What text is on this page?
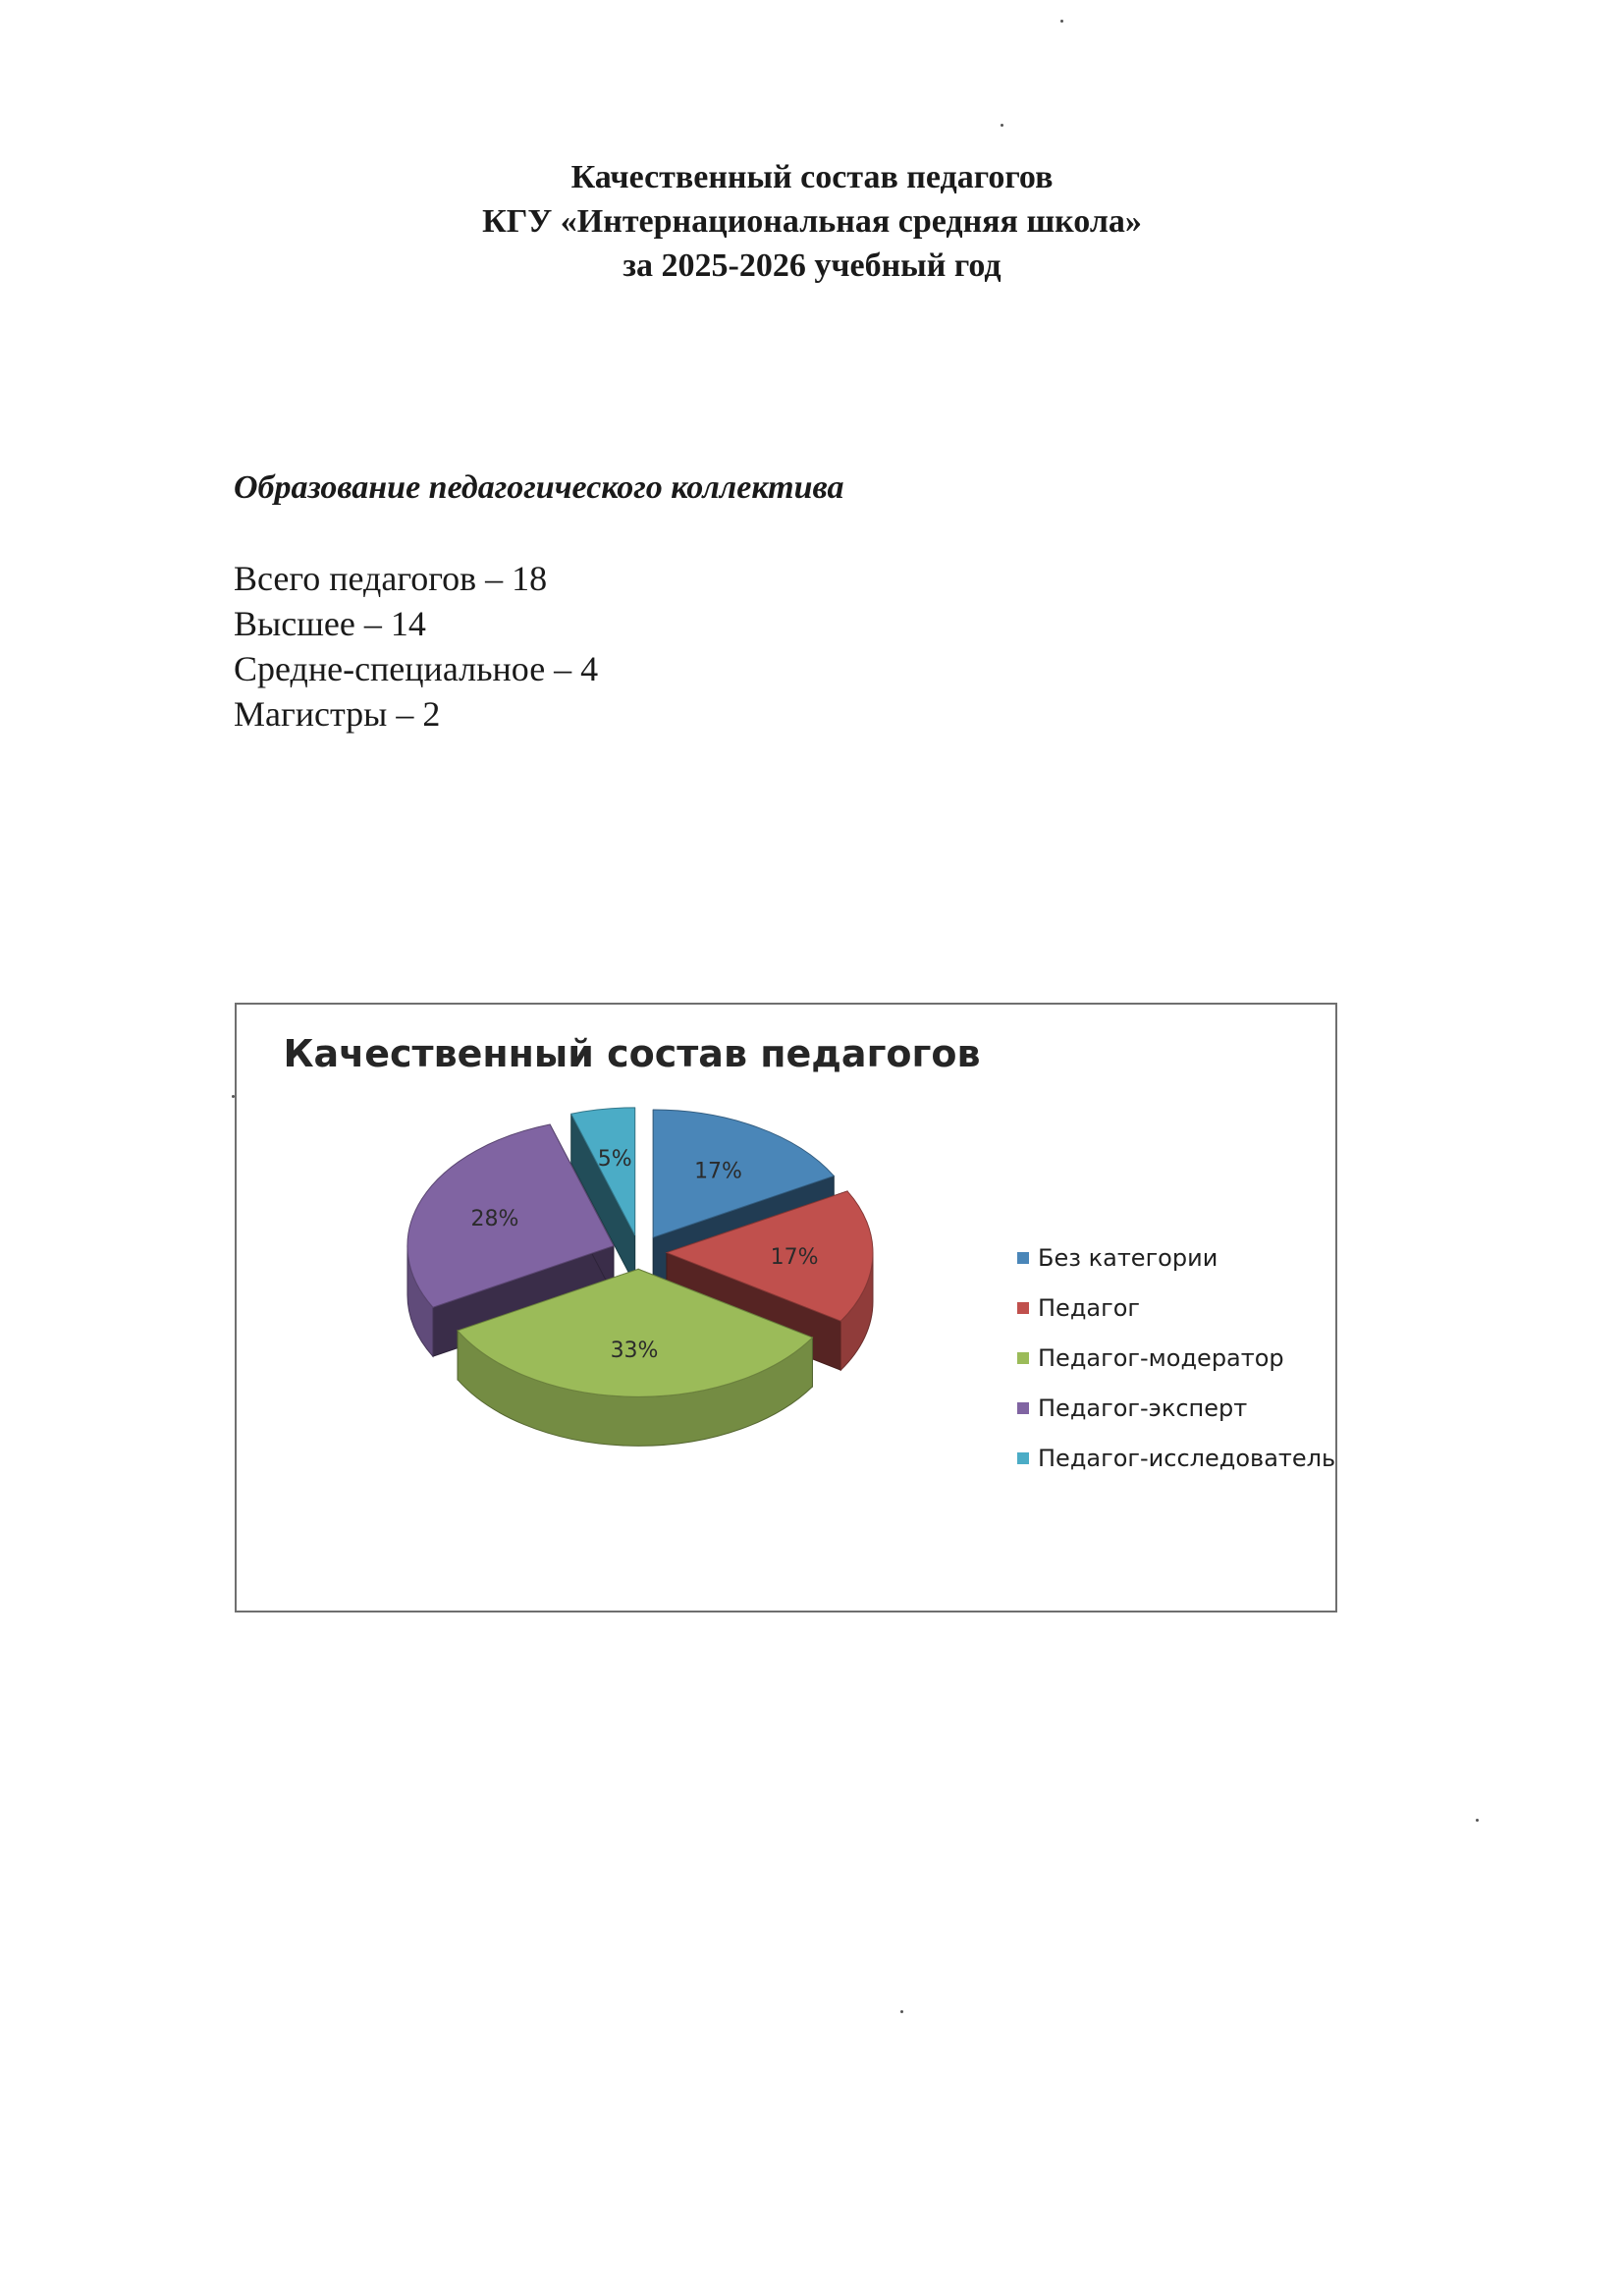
Качественный состав педагогов
КГУ «Интернациональная средняя школа»
за 2025-2026 учебный год
Образование педагогического коллектива
Всего педагогов – 18
Высшее – 14
Средне-специальное – 4
Магистры – 2
Качественный состав педагогов
17%
17%
33%
28%
5%
Без категории
Педагог
Педагог-модератор
Педагог-эксперт
Педагог-исследователь
